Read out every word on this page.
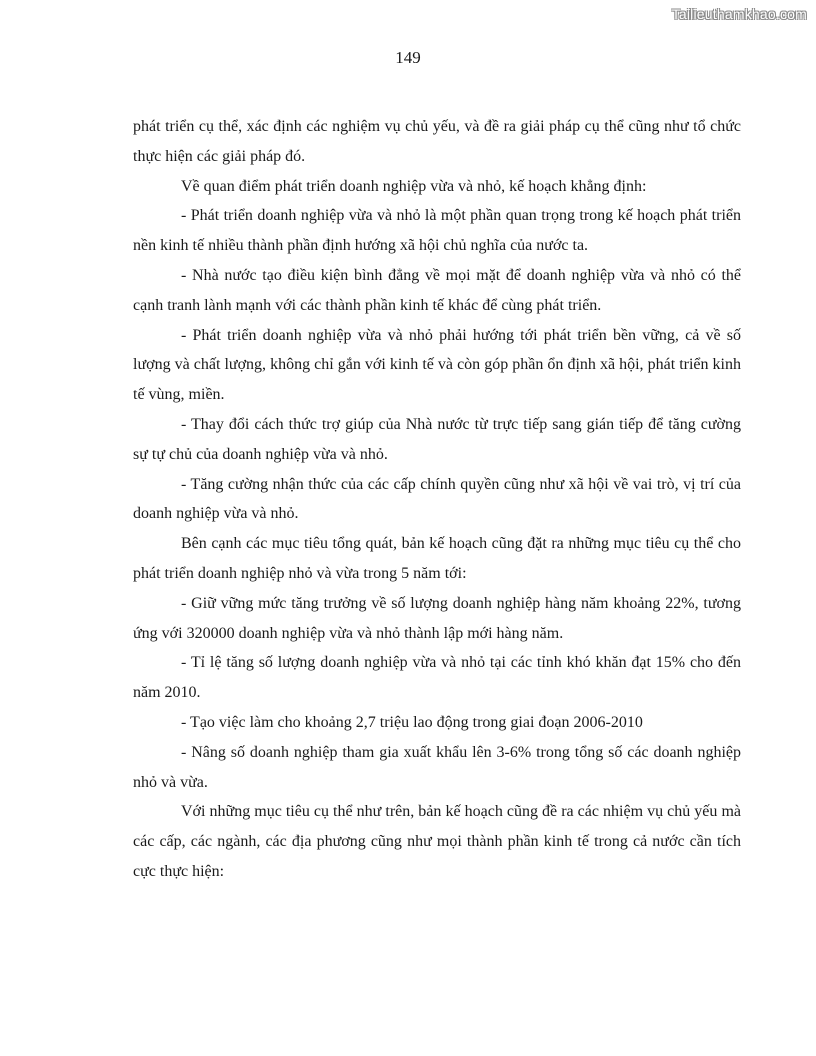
Tailieuthamkhao.com
149

phát triển cụ thể, xác định các nghiệm vụ chủ yếu, và đề ra giải pháp cụ thể cũng như tổ chức thực hiện các giải pháp đó.

Về quan điểm phát triển doanh nghiệp vừa và nhỏ, kế hoạch khẳng định:

- Phát triển doanh nghiệp vừa và nhỏ là một phần quan trọng trong kế hoạch phát triển nền kinh tế nhiều thành phần định hướng xã hội chủ nghĩa của nước ta.

- Nhà nước tạo điều kiện bình đẳng về mọi mặt để doanh nghiệp vừa và nhỏ có thể cạnh tranh lành mạnh với các thành phần kinh tế khác để cùng phát triển.

- Phát triển doanh nghiệp vừa và nhỏ phải hướng tới phát triển bền vững, cả về số lượng và chất lượng, không chỉ gắn với kinh tế và còn góp phần ổn định xã hội, phát triển kinh tế vùng, miền.

- Thay đổi cách thức trợ giúp của Nhà nước từ trực tiếp sang gián tiếp để tăng cường sự tự chủ của doanh nghiệp vừa và nhỏ.

- Tăng cường nhận thức của các cấp chính quyền cũng như xã hội về vai trò, vị trí của doanh nghiệp vừa và nhỏ.

Bên cạnh các mục tiêu tổng quát, bản kế hoạch cũng đặt ra những mục tiêu cụ thể cho phát triển doanh nghiệp nhỏ và vừa trong 5 năm tới:

- Giữ vững mức tăng trưởng về số lượng doanh nghiệp hàng năm khoảng 22%, tương ứng với 320000 doanh nghiệp vừa và nhỏ thành lập mới hàng năm.

- Tỉ lệ tăng số lượng doanh nghiệp vừa và nhỏ tại các tỉnh khó khăn đạt 15% cho đến năm 2010.

- Tạo việc làm cho khoảng 2,7 triệu lao động trong giai đoạn 2006-2010

- Nâng số doanh nghiệp tham gia xuất khẩu lên 3-6% trong tổng số các doanh nghiệp nhỏ và vừa.

Với những mục tiêu cụ thể như trên, bản kế hoạch cũng đề ra các nhiệm vụ chủ yếu mà các cấp, các ngành, các địa phương cũng như mọi thành phần kinh tế trong cả nước cần tích cực thực hiện:
